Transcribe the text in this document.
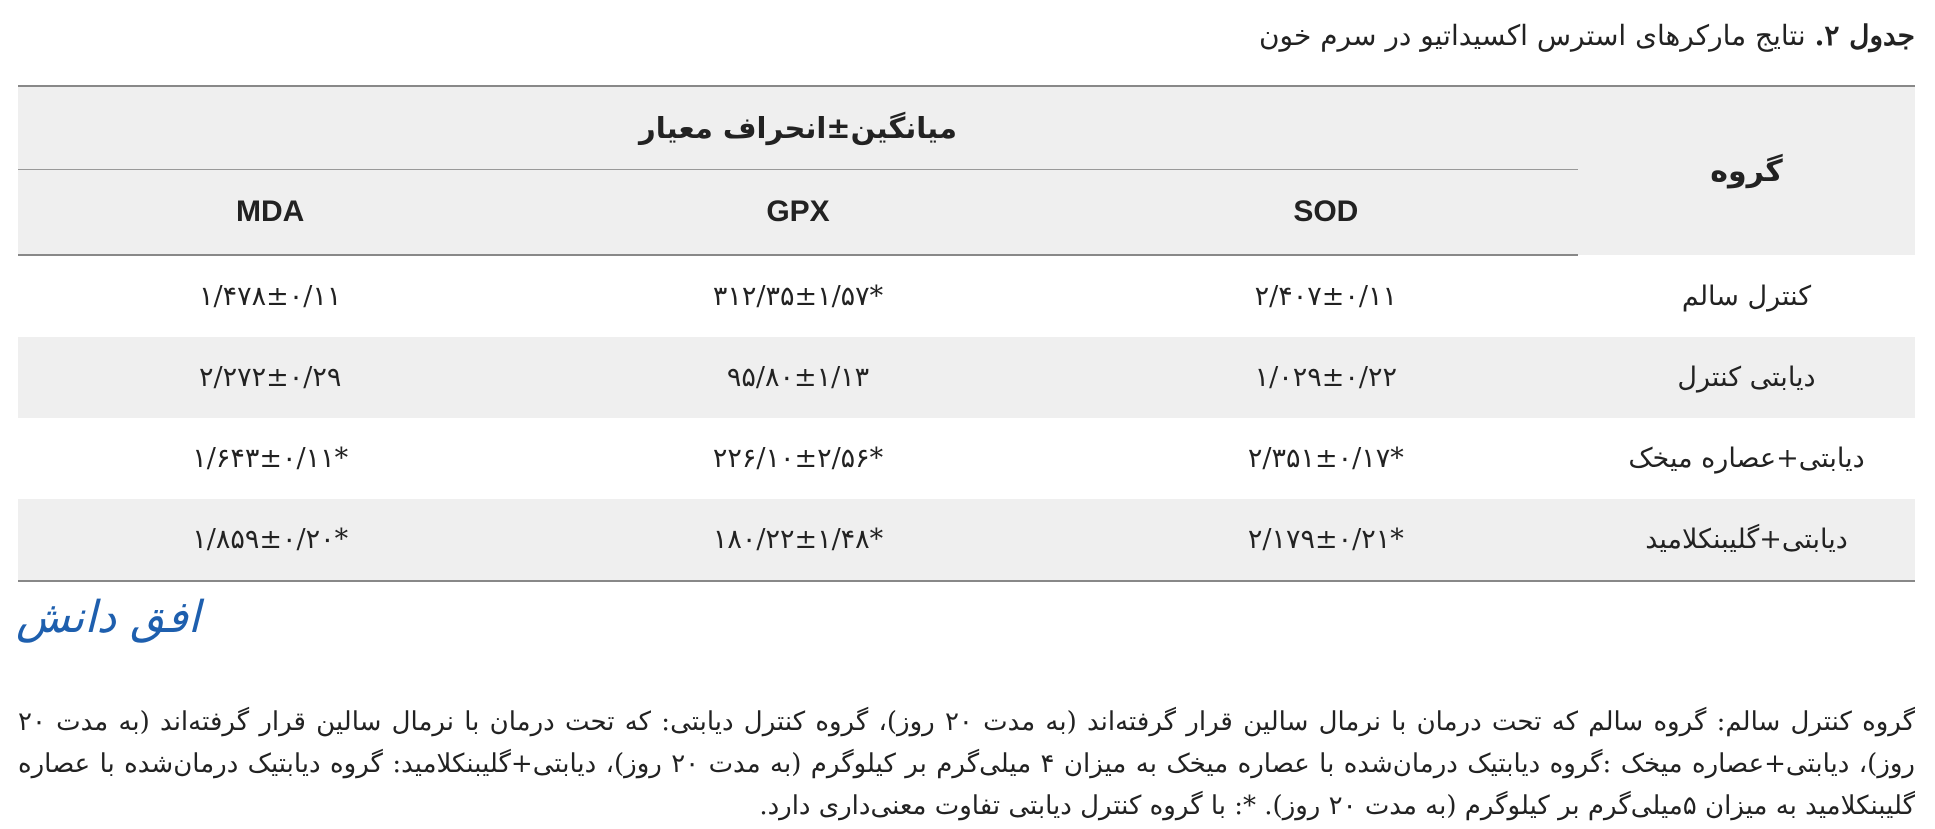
جدول ۲. نتایج مارکرهای استرس اکسیداتیو در سرم خون
گروه	میانگین±انحراف معیار		
	SOD	GPX	MDA
کنترل سالم	۲/۴۰۷±۰/۱۱	۳۱۲/۳۵±۱/۵۷*	۱/۴۷۸±۰/۱۱
دیابتی کنترل	۱/۰۲۹±۰/۲۲	۹۵/۸۰±۱/۱۳	۲/۲۷۲±۰/۲۹
دیابتی+عصاره میخک	۲/۳۵۱±۰/۱۷*	۲۲۶/۱۰±۲/۵۶*	۱/۶۴۳±۰/۱۱*
دیابتی+گلیبنکلامید	۲/۱۷۹±۰/۲۱*	۱۸۰/۲۲±۱/۴۸*	۱/۸۵۹±۰/۲۰*
افق دانش

گروه کنترل سالم: گروه سالم که تحت درمان با نرمال سالین قرار گرفته‌اند (به مدت ۲۰ روز)، گروه کنترل دیابتی: که تحت درمان با نرمال سالین قرار گرفته‌اند (به مدت ۲۰ روز)، دیابتی+عصاره میخک :گروه دیابتیک درمان‌شده با عصاره میخک به میزان ۴ میلی‌گرم بر کیلوگرم (به مدت ۲۰ روز)، دیابتی+گلیبنکلامید: گروه دیابتیک درمان‌شده با عصاره گلیبنکلامید به میزان ۵میلی‌گرم بر کیلوگرم (به مدت ۲۰ روز). *: با گروه کنترل دیابتی تفاوت معنی‌داری دارد.
